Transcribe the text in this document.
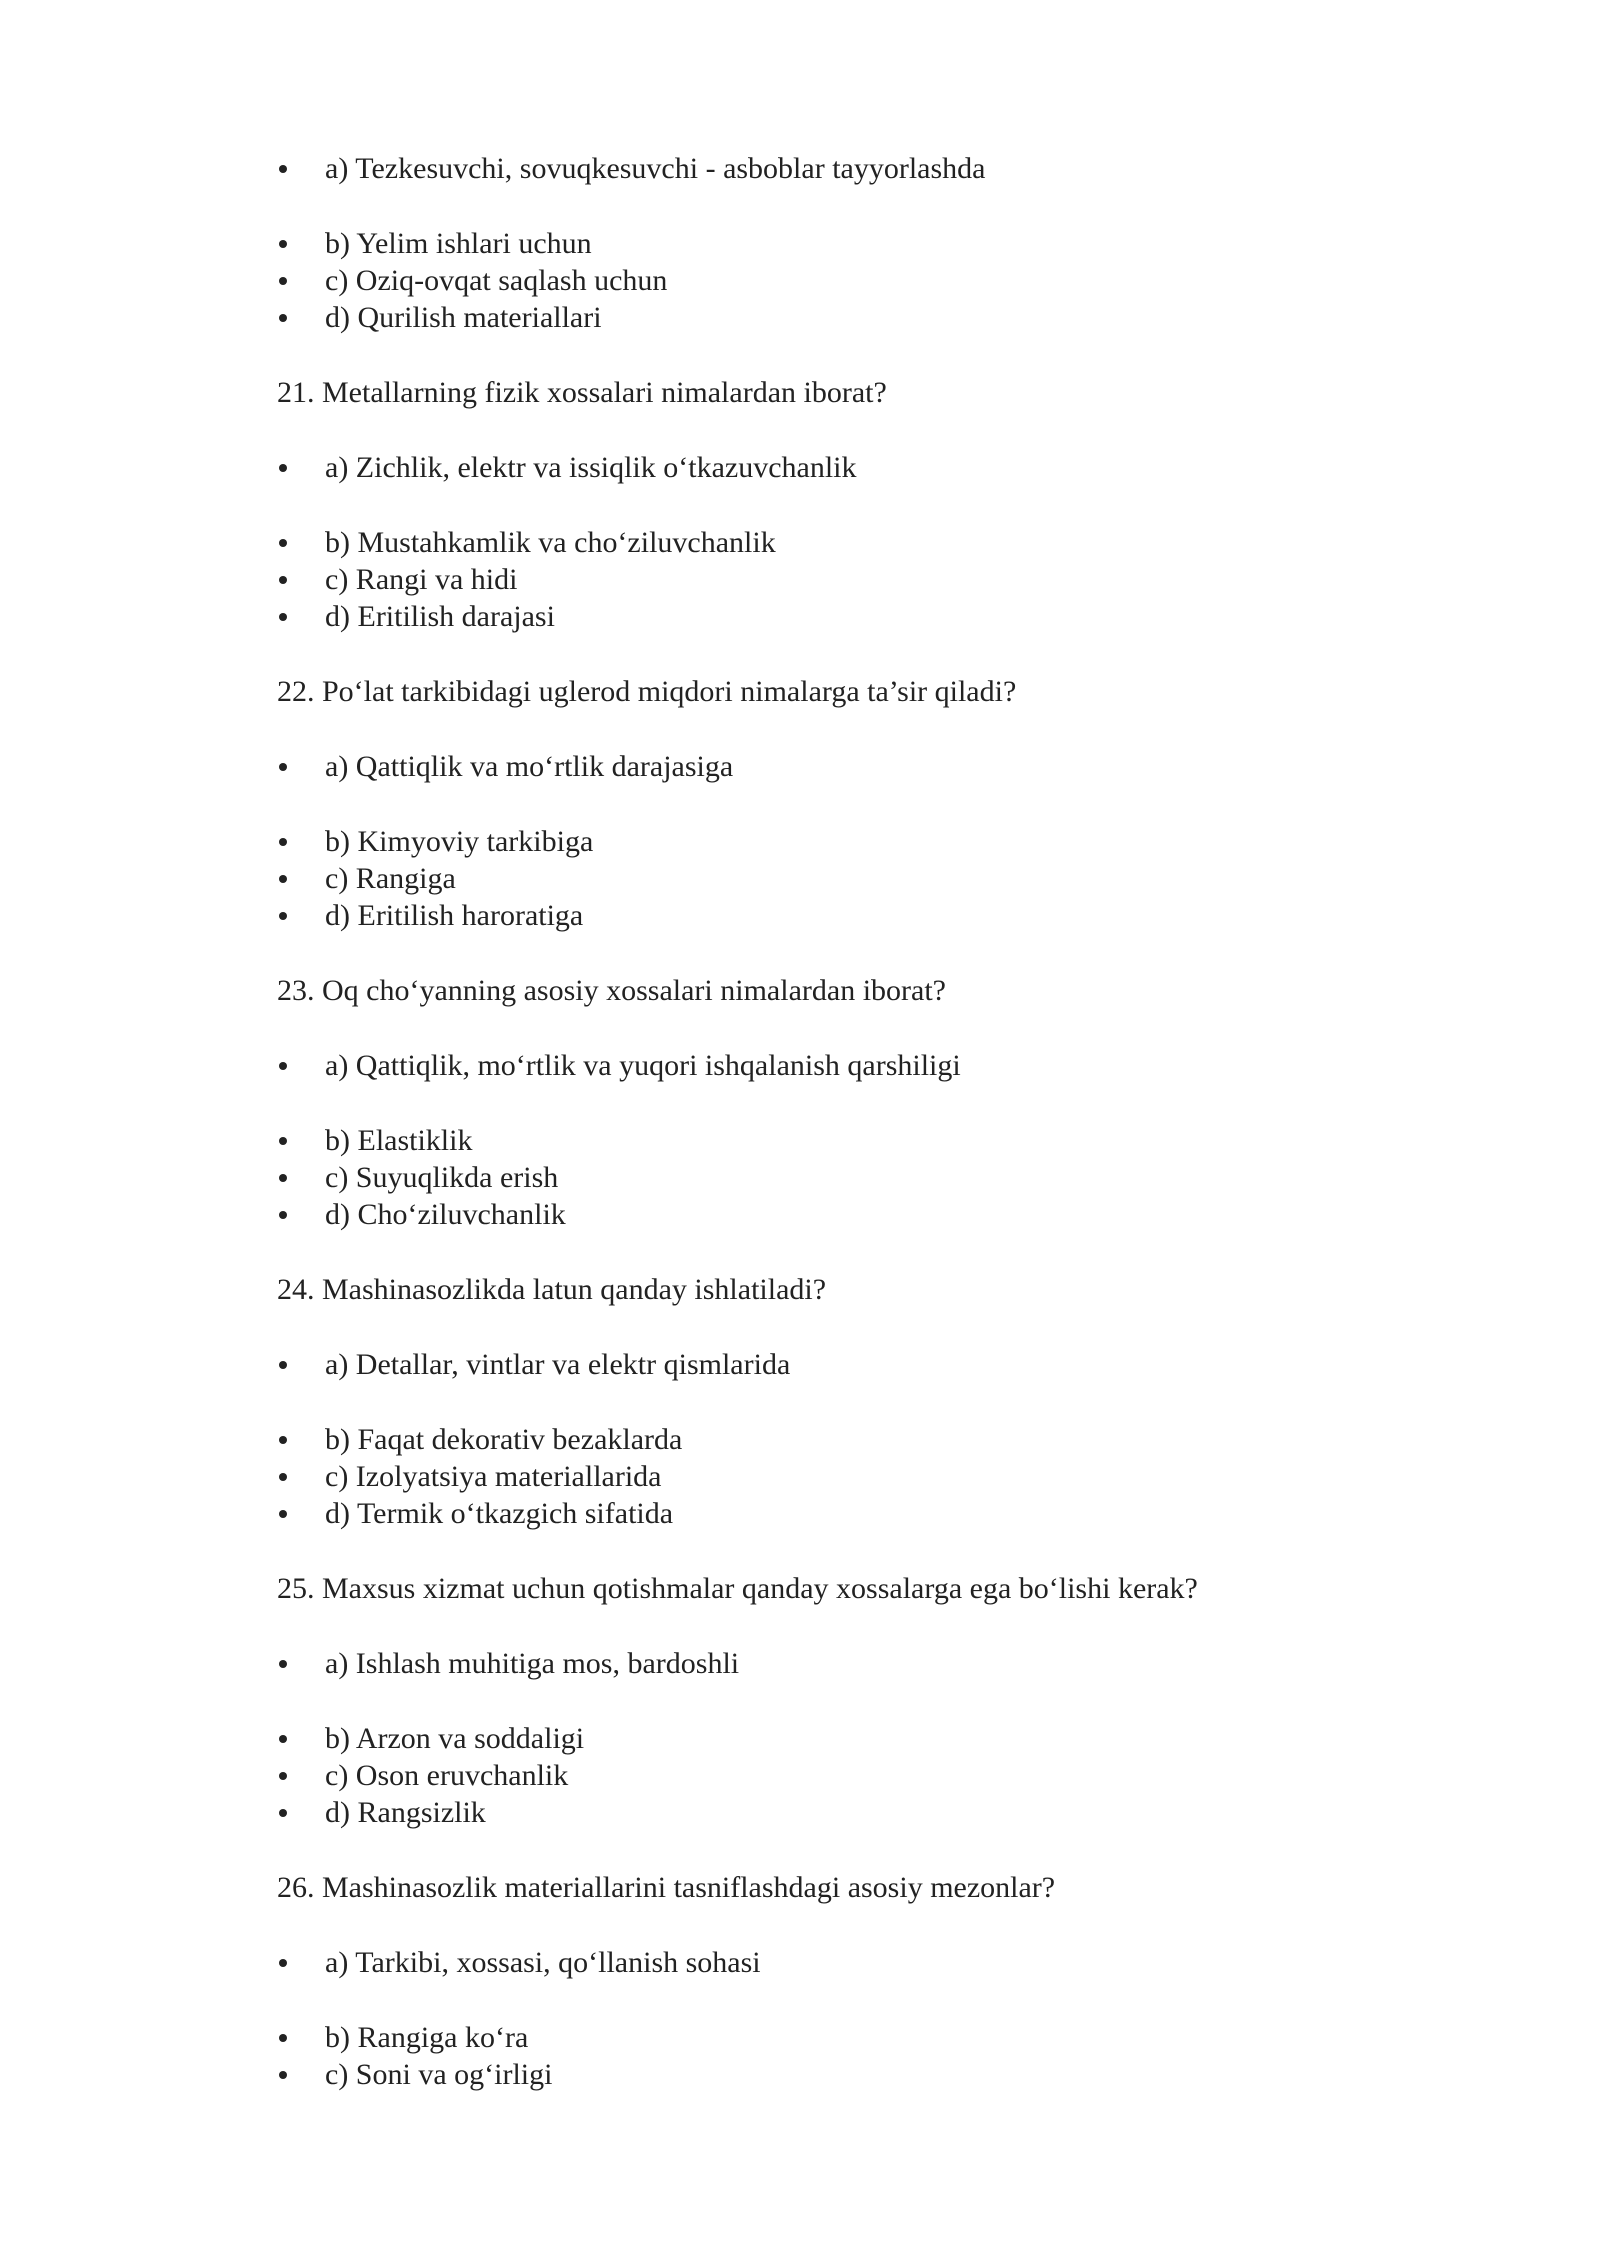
a) Tezkesuvchi, sovuqkesuvchi - asboblar tayyorlashda
b) Yelim ishlari uchun
c) Oziq-ovqat saqlash uchun
d) Qurilish materiallari
21. Metallarning fizik xossalari nimalardan iborat?
a) Zichlik, elektr va issiqlik o‘tkazuvchanlik
b) Mustahkamlik va cho‘ziluvchanlik
c) Rangi va hidi
d) Eritilish darajasi
22. Po‘lat tarkibidagi uglerod miqdori nimalarga ta’sir qiladi?
a) Qattiqlik va mo‘rtlik darajasiga
b) Kimyoviy tarkibiga
c) Rangiga
d) Eritilish haroratiga
23. Oq cho‘yanning asosiy xossalari nimalardan iborat?
a) Qattiqlik, mo‘rtlik va yuqori ishqalanish qarshiligi
b) Elastiklik
c) Suyuqlikda erish
d) Cho‘ziluvchanlik
24. Mashinasozlikda latun qanday ishlatiladi?
a) Detallar, vintlar va elektr qismlarida
b) Faqat dekorativ bezaklarda
c) Izolyatsiya materiallarida
d) Termik o‘tkazgich sifatida
25. Maxsus xizmat uchun qotishmalar qanday xossalarga ega bo‘lishi kerak?
a) Ishlash muhitiga mos, bardoshli
b) Arzon va soddaligi
c) Oson eruvchanlik
d) Rangsizlik
26. Mashinasozlik materiallarini tasniflashdagi asosiy mezonlar?
a) Tarkibi, xossasi, qo‘llanish sohasi
b) Rangiga ko‘ra
c) Soni va og‘irligi
